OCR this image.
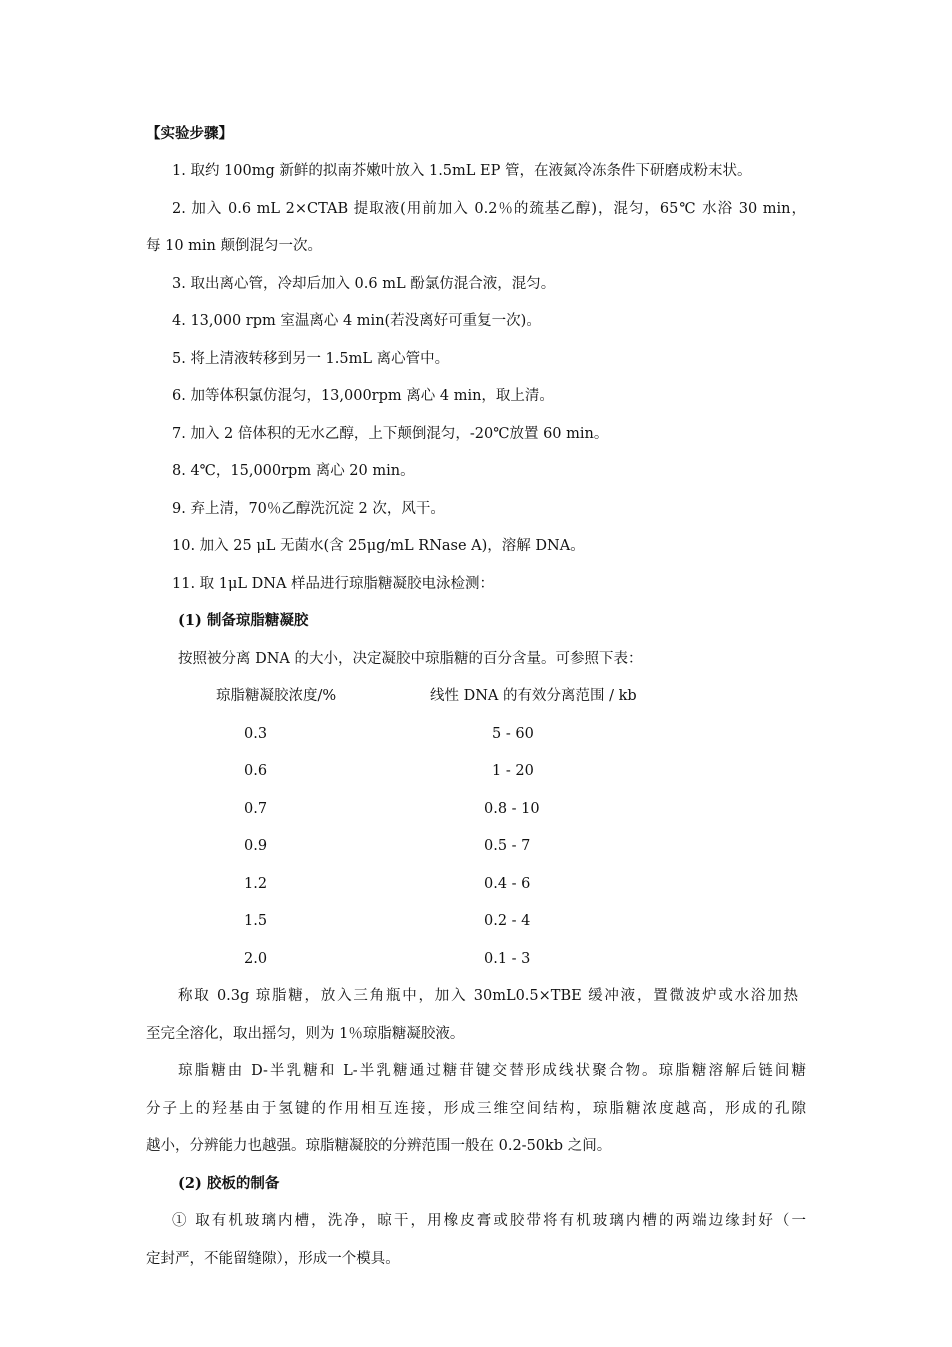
【实验步骤】
1. 取约 100mg 新鲜的拟南芥嫩叶放入 1.5mL EP 管，在液氮冷冻条件下研磨成粉末状。
2. 加入 0.6 mL 2×CTAB 提取液(用前加入 0.2％的巯基乙醇)，混匀，65℃ 水浴 30 min，
每 10 min 颠倒混匀一次。
3. 取出离心管，冷却后加入 0.6 mL 酚氯仿混合液，混匀。
4. 13,000 rpm 室温离心 4 min(若没离好可重复一次)。
5. 将上清液转移到另一 1.5mL 离心管中。
6. 加等体积氯仿混匀，13,000rpm 离心 4 min，取上清。
7. 加入 2 倍体积的无水乙醇，上下颠倒混匀，-20℃放置 60 min。
8. 4℃，15,000rpm 离心 20 min。
9. 弃上清，70％乙醇洗沉淀 2 次，风干。
10. 加入 25 μL 无菌水(含 25μg/mL RNase A)，溶解 DNA。
11. 取 1μL DNA 样品进行琼脂糖凝胶电泳检测：
(1) 制备琼脂糖凝胶
按照被分离 DNA 的大小，决定凝胶中琼脂糖的百分含量。可参照下表：
琼脂糖凝胶浓度/%	线性 DNA 的有效分离范围 / kb
0.3	5 - 60
0.6	1 - 20
0.7	0.8 - 10
0.9	0.5 - 7
1.2	0.4 - 6
1.5	0.2 - 4
2.0	0.1 - 3
称取 0.3g 琼脂糖，放入三角瓶中，加入 30mL0.5×TBE 缓冲液，置微波炉或水浴加热
至完全溶化，取出摇匀，则为 1％琼脂糖凝胶液。
琼脂糖由 D-半乳糖和 L-半乳糖通过糖苷键交替形成线状聚合物。琼脂糖溶解后链间糖
分子上的羟基由于氢键的作用相互连接，形成三维空间结构，琼脂糖浓度越高，形成的孔隙
越小，分辨能力也越强。琼脂糖凝胶的分辨范围一般在 0.2-50kb 之间。
(2) 胶板的制备
① 取有机玻璃内槽，洗净，晾干，用橡皮膏或胶带将有机玻璃内槽的两端边缘封好（一
定封严，不能留缝隙），形成一个模具。
